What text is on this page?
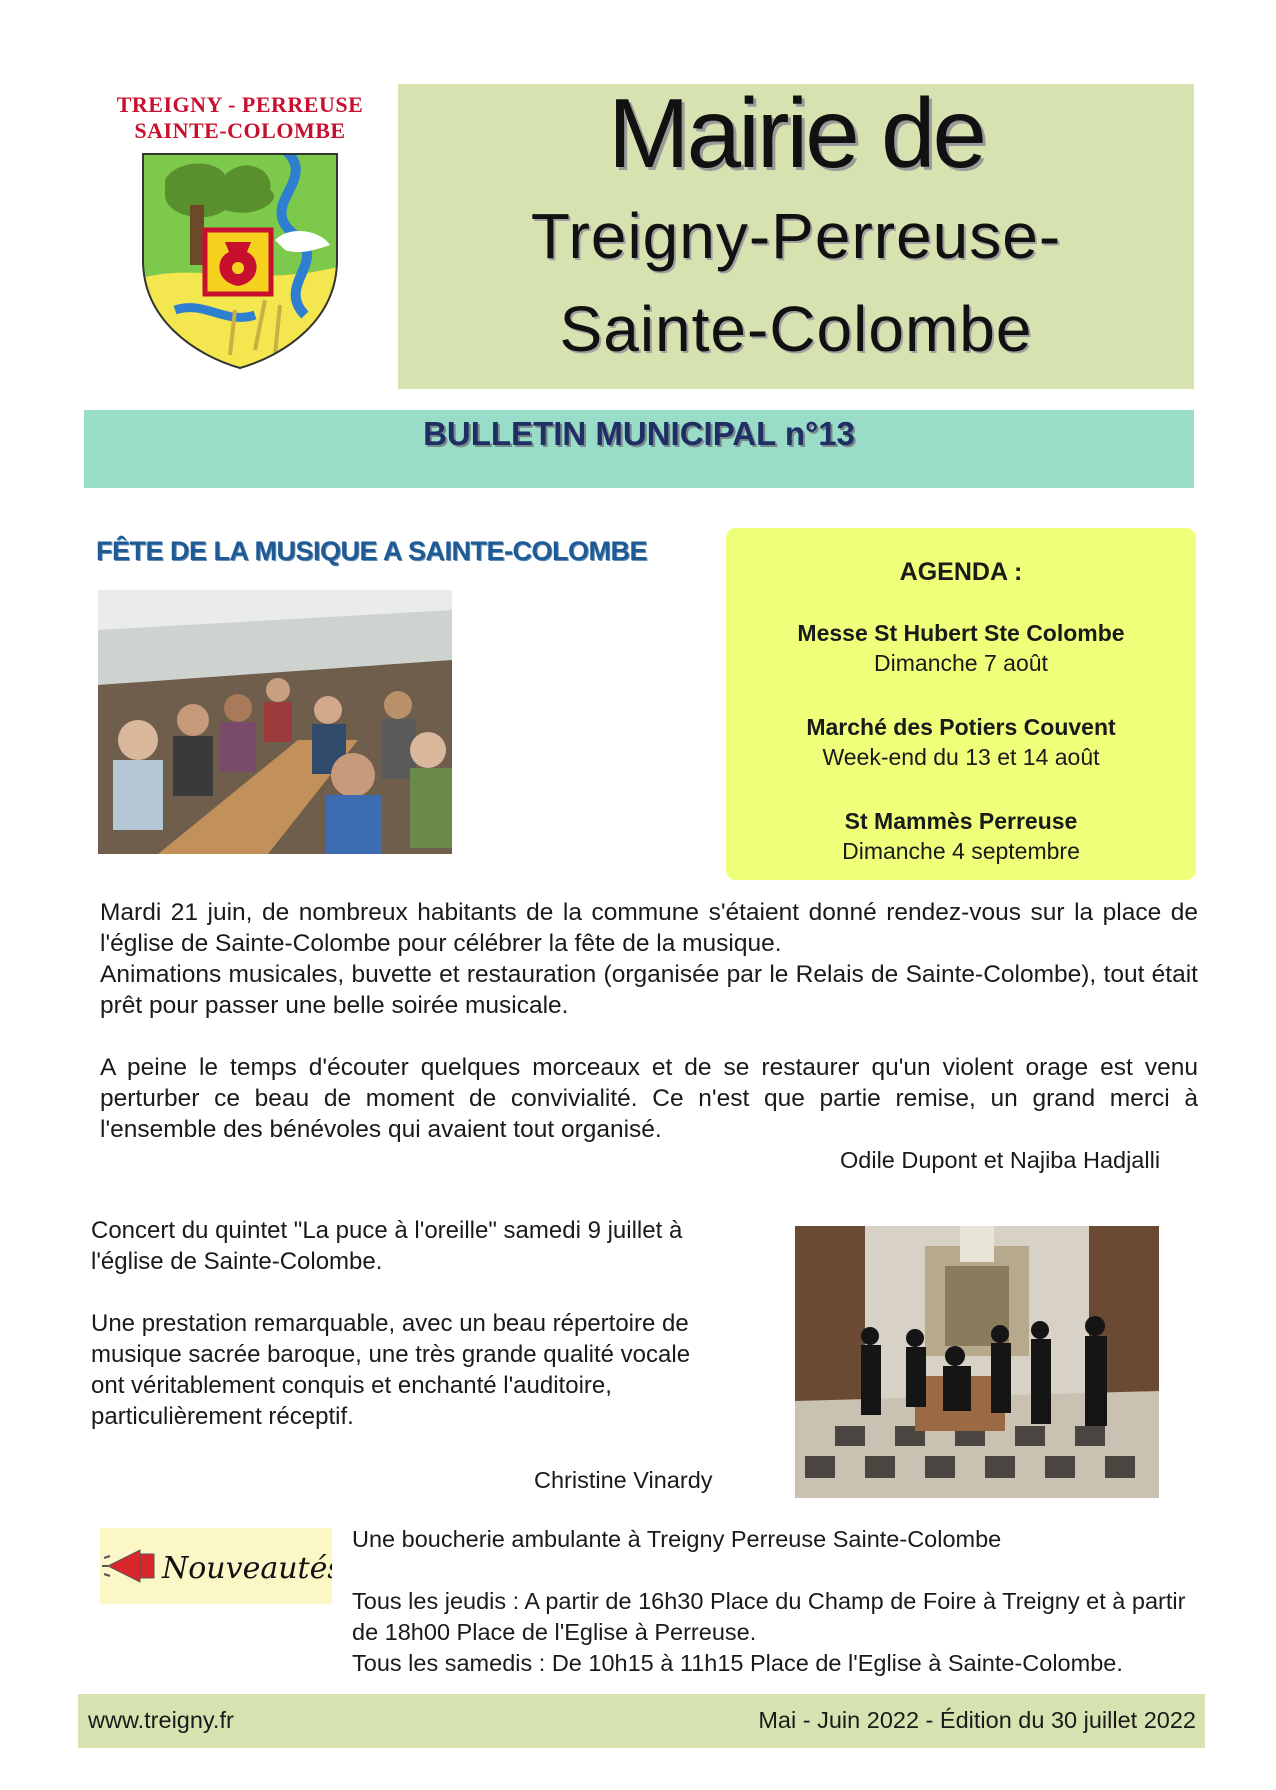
TREIGNY - PERREUSE
SAINTE-COLOMBE	Mairie de
Treigny-Perreuse-
Sainte-Colombe
BULLETIN MUNICIPAL n°13
FÊTE DE LA MUSIQUE A SAINTE-COLOMBE
AGENDA :
Messe St Hubert Ste Colombe
Dimanche 7 août
Marché des Potiers Couvent
Week-end du 13 et 14 août
St Mammès Perreuse
Dimanche 4 septembre
Mardi 21 juin, de nombreux habitants de la commune s'étaient donné rendez-vous sur la place de l'église de Sainte-Colombe pour célébrer la fête de la musique.

Animations musicales, buvette et restauration (organisée par le Relais de Sainte-Colombe), tout était prêt pour passer une belle soirée musicale.

A peine le temps d'écouter quelques morceaux et de se restaurer qu'un violent orage est venu perturber ce beau de moment de convivialité. Ce n'est que partie remise, un grand merci à l'ensemble des bénévoles qui avaient tout organisé.

Odile Dupont et Najiba Hadjalli

Concert du quintet "La puce à l'oreille" samedi 9 juillet à l'église de Sainte-Colombe.

Une prestation remarquable, avec un beau répertoire de musique sacrée baroque, une très grande qualité vocale ont véritablement conquis et enchanté l'auditoire, particulièrement réceptif.

Christine Vinardy
Nouveautés

Une boucherie ambulante à Treigny Perreuse Sainte-Colombe

Tous les jeudis : A partir de 16h30 Place du Champ de Foire à Treigny et à partir de 18h00 Place de l'Eglise à Perreuse.
Tous les samedis : De 10h15 à 11h15 Place de l'Eglise à Sainte-Colombe.
www.treigny.fr	Mai - Juin 2022 - Édition du 30 juillet 2022
